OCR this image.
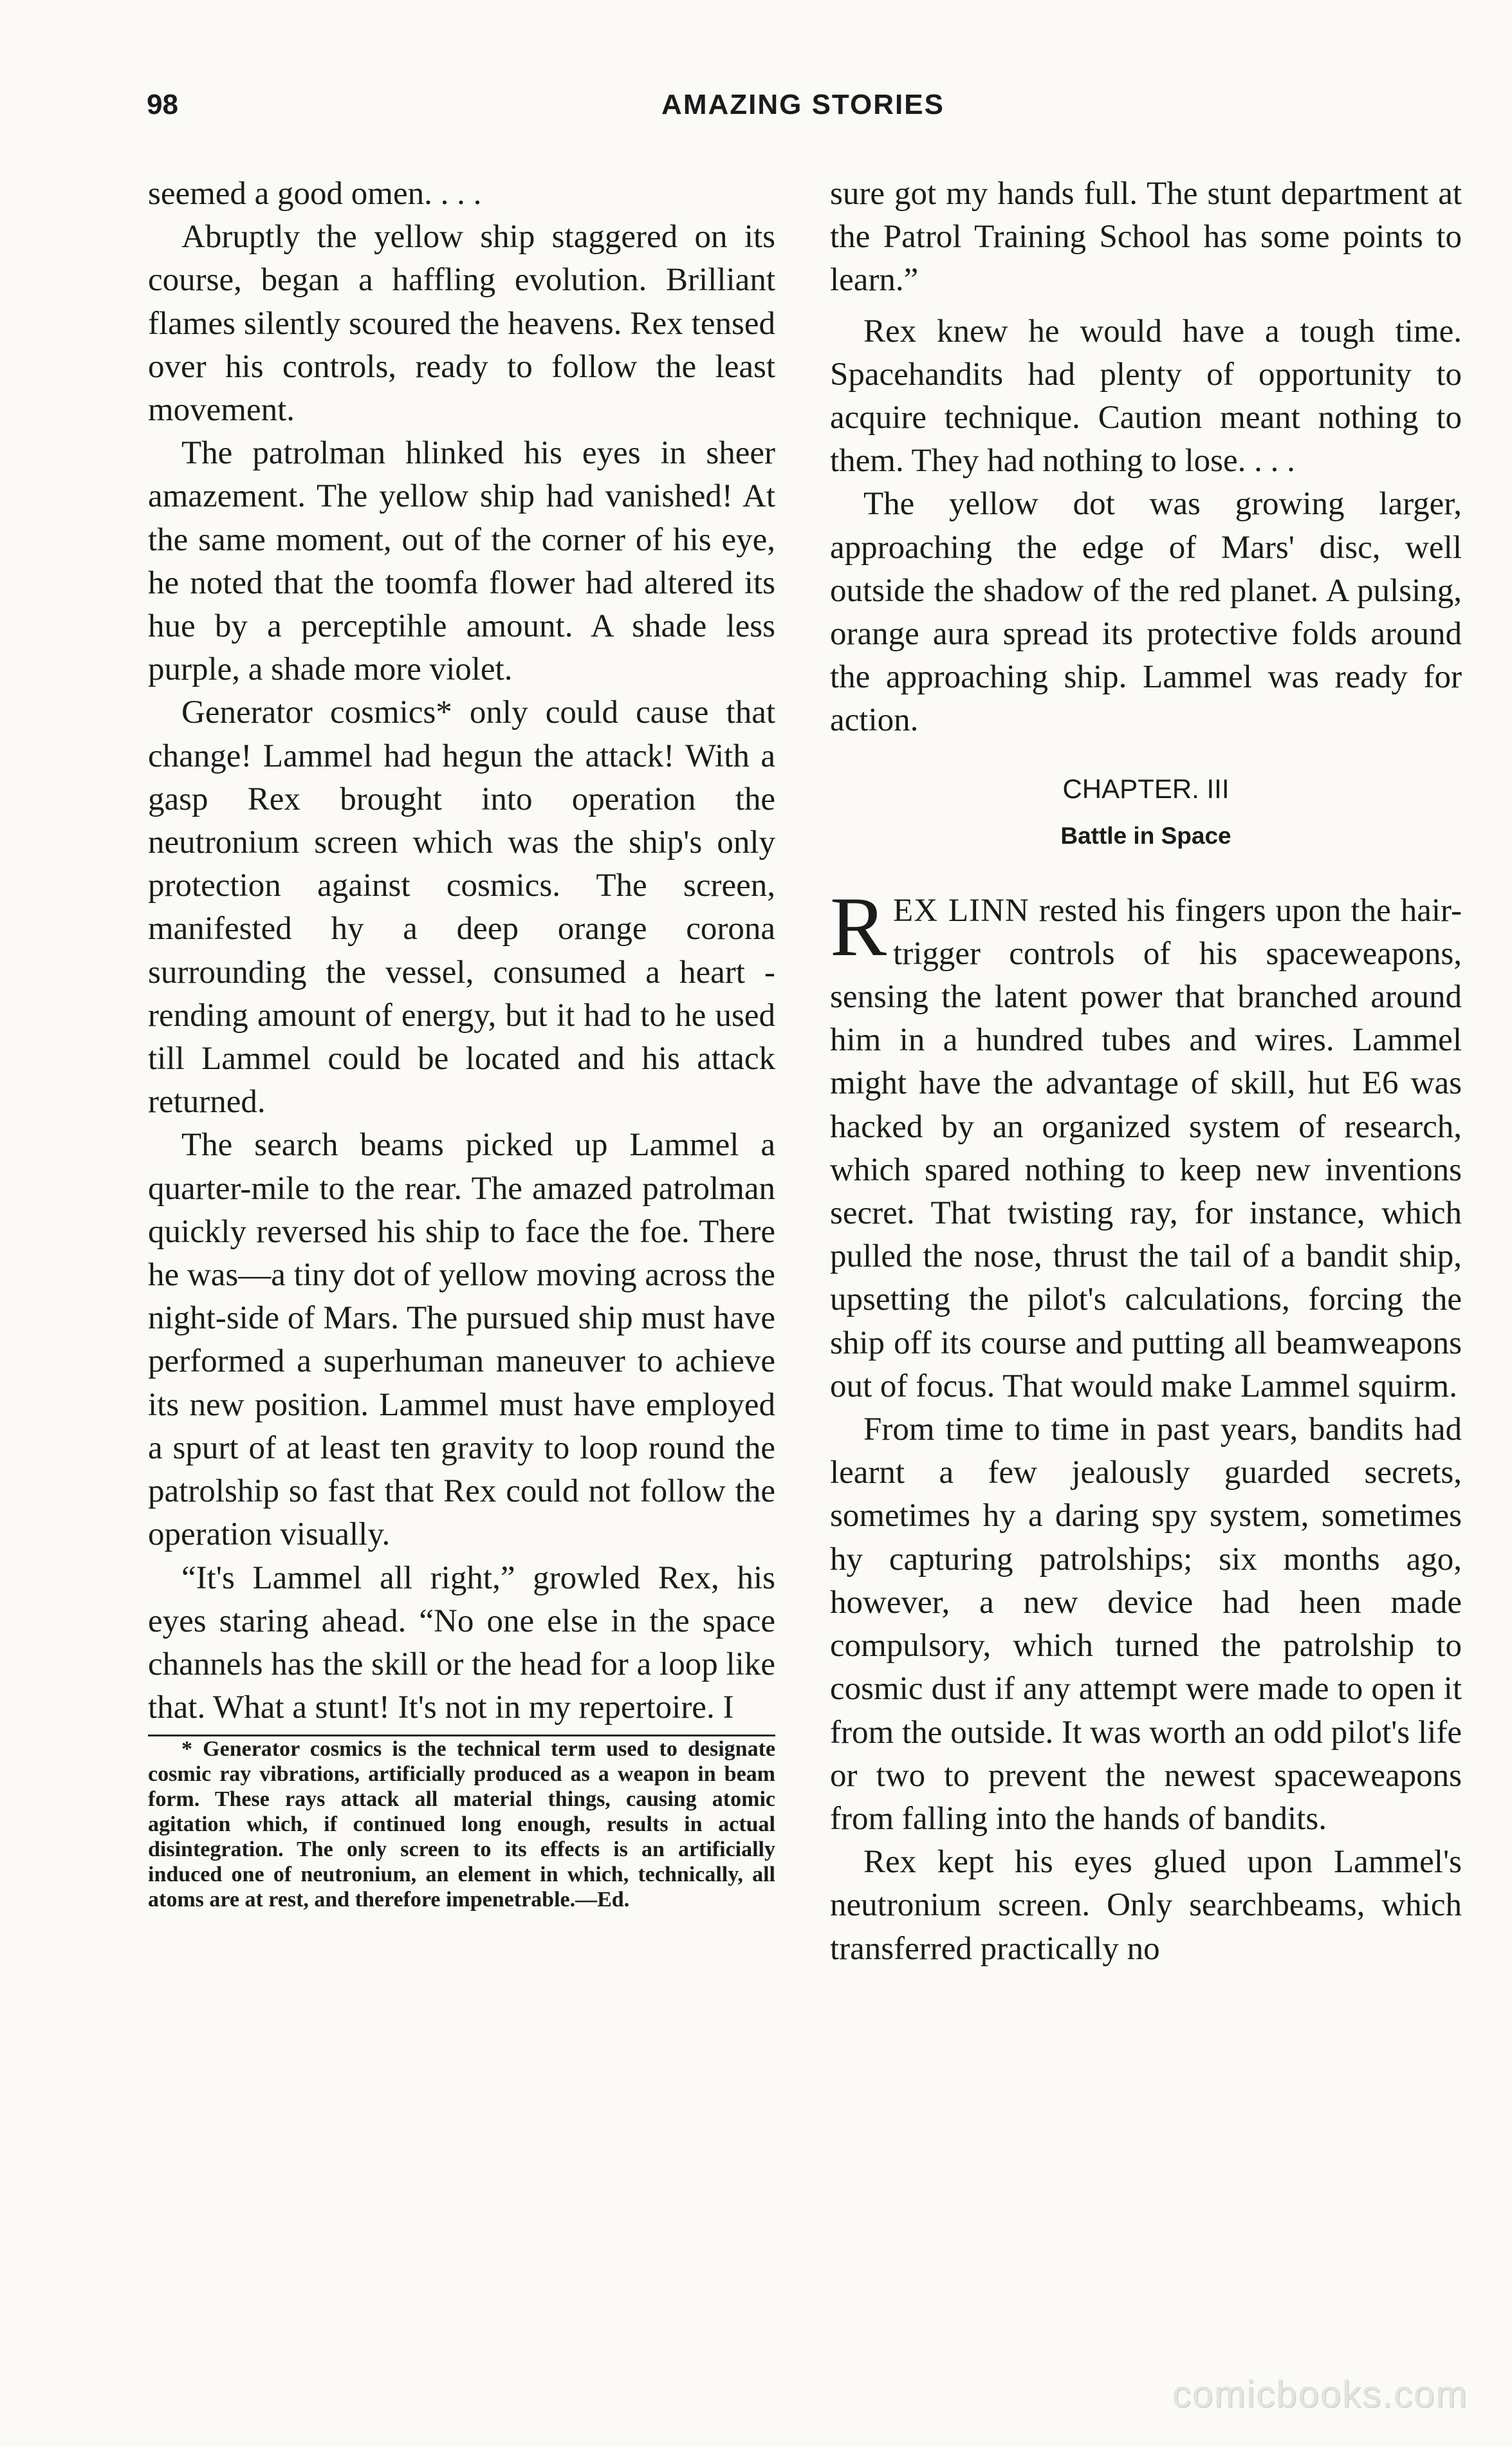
98	AMAZING STORIES

seemed a good omen. . . .

Abruptly the yellow ship staggered on its course, began a haffling evolution. Brilliant flames silently scoured the heavens. Rex tensed over his controls, ready to follow the least movement.

The patrolman hlinked his eyes in sheer amazement. The yellow ship had vanished! At the same moment, out of the corner of his eye, he noted that the toomfa flower had altered its hue by a perceptihle amount. A shade less purple, a shade more violet.

Generator cosmics* only could cause that change! Lammel had hegun the attack! With a gasp Rex brought into operation the neutronium screen which was the ship's only protection against cosmics. The screen, manifested hy a deep orange corona surrounding the vessel, consumed a heart - rending amount of energy, but it had to he used till Lammel could be located and his attack returned.

The search beams picked up Lammel a quarter-mile to the rear. The amazed patrolman quickly reversed his ship to face the foe. There he was—a tiny dot of yellow moving across the night-side of Mars. The pursued ship must have performed a superhuman maneuver to achieve its new position. Lammel must have employed a spurt of at least ten gravity to loop round the patrolship so fast that Rex could not follow the operation visually.

“It's Lammel all right,” growled Rex, his eyes staring ahead. “No one else in the space channels has the skill or the head for a loop like that. What a stunt! It's not in my repertoire. I

* Generator cosmics is the technical term used to designate cosmic ray vibrations, artificially produced as a weapon in beam form. These rays attack all material things, causing atomic agitation which, if continued long enough, results in actual disintegration. The only screen to its effects is an artificially induced one of neutronium, an element in which, technically, all atoms are at rest, and therefore impenetrable.—Ed.

sure got my hands full. The stunt department at the Patrol Training School has some points to learn.”

Rex knew he would have a tough time. Spacehandits had plenty of opportunity to acquire technique. Caution meant nothing to them. They had nothing to lose. . . .

The yellow dot was growing larger, approaching the edge of Mars' disc, well outside the shadow of the red planet. A pulsing, orange aura spread its protective folds around the approaching ship. Lammel was ready for action.

CHAPTER. III
Battle in Space

REX LINN rested his fingers upon the hair-trigger controls of his spaceweapons, sensing the latent power that branched around him in a hundred tubes and wires. Lammel might have the advantage of skill, hut E6 was hacked by an organized system of research, which spared nothing to keep new inventions secret. That twisting ray, for instance, which pulled the nose, thrust the tail of a bandit ship, upsetting the pilot's calculations, forcing the ship off its course and putting all beamweapons out of focus. That would make Lammel squirm.

From time to time in past years, bandits had learnt a few jealously guarded secrets, sometimes hy a daring spy system, sometimes hy capturing patrolships; six months ago, however, a new device had heen made compulsory, which turned the patrolship to cosmic dust if any attempt were made to open it from the outside. It was worth an odd pilot's life or two to prevent the newest spaceweapons from falling into the hands of bandits.

Rex kept his eyes glued upon Lammel's neutronium screen. Only searchbeams, which transferred practically no

comicbooks.com
